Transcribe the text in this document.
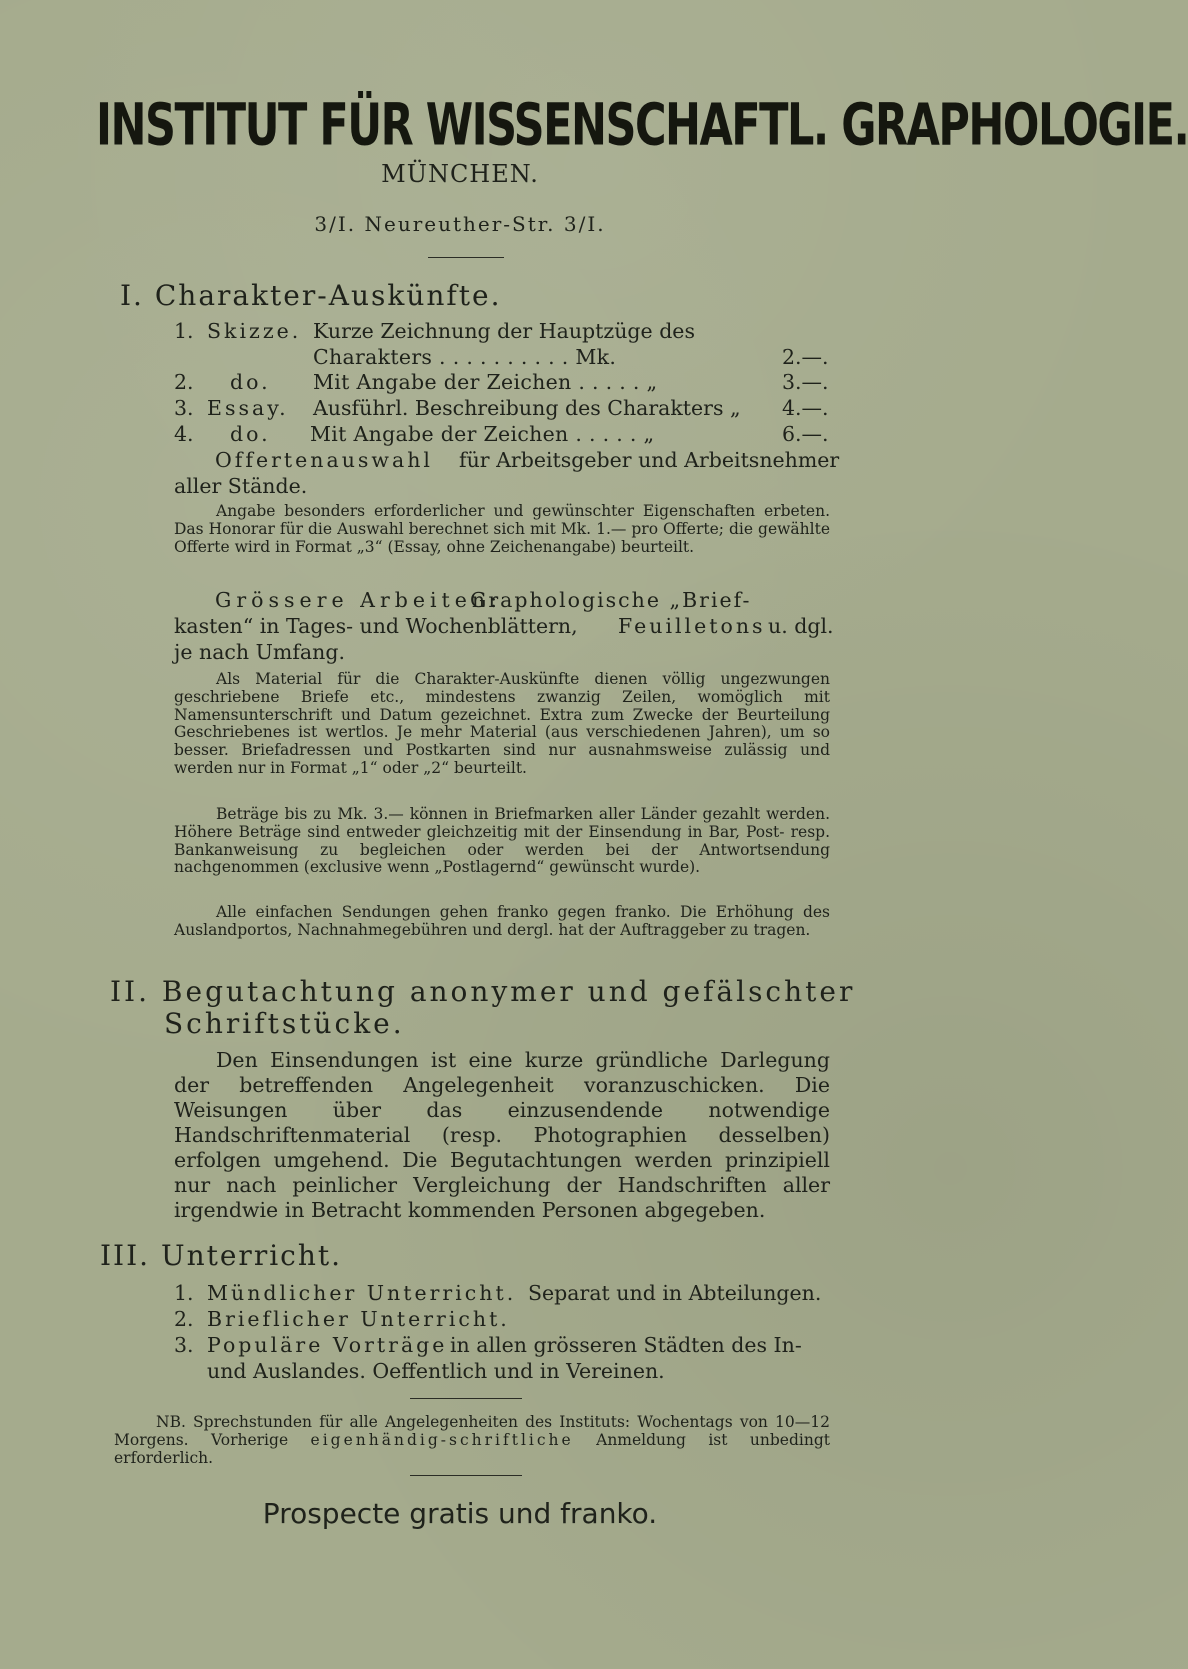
INSTITUT FÜR WISSENSCHAFTL. GRAPHOLOGIE.
MÜNCHEN.
3/I. Neureuther-Str. 3/I.
I. Charakter-Auskünfte.
1. Skizze. Kurze Zeichnung der Hauptzüge des
Charakters . . . . . . . . . . Mk.	2.—.
2. do. Mit Angabe der Zeichen . . . . . „	3.—.
3. Essay. Ausführl. Beschreibung des Charakters „ 4.—.
4. do. Mit Angabe der Zeichen . . . . . „	6.—.
Offertenauswahl für Arbeitsgeber und Arbeitsnehmer
aller Stände.

Angabe besonders erforderlicher und gewünschter Eigenschaften erbeten. Das Honorar für die Auswahl berechnet sich mit Mk. 1.— pro Offerte; die gewählte Offerte wird in Format „3“ (Essay, ohne Zeichenangabe) beurteilt.

Grössere Arbeiten:
Graphologische „Brief-
kasten“ in Tages- und Wochenblättern, Feuilletons u. dgl.
je nach Umfang.

Als Material für die Charakter-Auskünfte dienen völlig ungezwungen geschriebene Briefe etc., mindestens zwanzig Zeilen, womöglich mit Namensunterschrift und Datum gezeichnet. Extra zum Zwecke der Beurteilung Geschriebenes ist wertlos. Je mehr Material (aus verschiedenen Jahren), um so besser. Briefadressen und Postkarten sind nur ausnahmsweise zulässig und werden nur in Format „1“ oder „2“ beurteilt.

Beträge bis zu Mk. 3.— können in Briefmarken aller Länder gezahlt werden. Höhere Beträge sind entweder gleichzeitig mit der Einsendung in Bar, Post- resp. Bankanweisung zu begleichen oder werden bei der Antwortsendung nachgenommen (exclusive wenn „Postlagernd“ gewünscht wurde).

Alle einfachen Sendungen gehen franko gegen franko. Die Erhöhung des Auslandportos, Nachnahmegebühren und dergl. hat der Auftraggeber zu tragen.

II. Begutachtung anonymer und gefälschter
Schriftstücke.

Den Einsendungen ist eine kurze gründliche Darlegung der betreffenden Angelegenheit voranzuschicken. Die Weisungen über das einzusendende notwendige Handschriftenmaterial (resp. Photographien desselben) erfolgen umgehend. Die Begutachtungen werden prinzipiell nur nach peinlicher Vergleichung der Handschriften aller irgendwie in Betracht kommenden Personen abgegeben.

III. Unterricht.
1. Mündlicher Unterricht. Separat und in Abteilungen.
2. Brieflicher Unterricht.
3. Populäre Vorträge in allen grösseren Städten des In-
und Auslandes. Oeffentlich und in Vereinen.

NB. Sprechstunden für alle Angelegenheiten des Instituts: Wochentags von 10—12 Morgens. Vorherige eigenhändig-schriftliche Anmeldung ist unbedingt erforderlich.

Prospecte gratis und franko.
